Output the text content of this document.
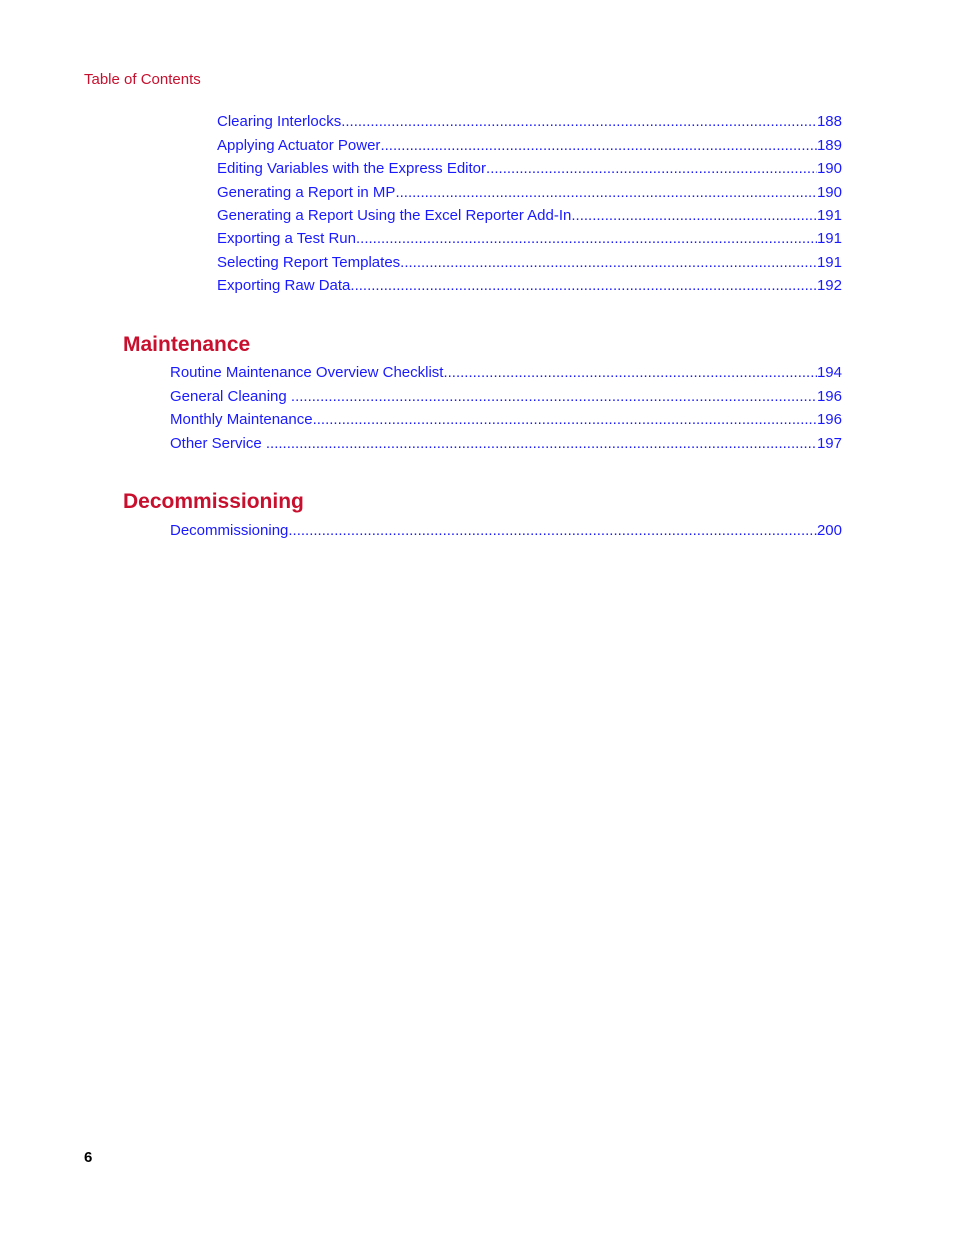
Table of Contents
Clearing Interlocks .....	188
Applying Actuator Power .....	189
Editing Variables with the Express Editor .....	190
Generating a Report in MP .....	190
Generating a Report Using the Excel Reporter Add-In .....	191
Exporting a Test Run .....	191
Selecting Report Templates .....	191
Exporting Raw Data .....	192
Maintenance
Routine Maintenance Overview Checklist .....	194
General Cleaning .....	196
Monthly Maintenance .....	196
Other Service .....	197
Decommissioning
Decommissioning .....	200
6
